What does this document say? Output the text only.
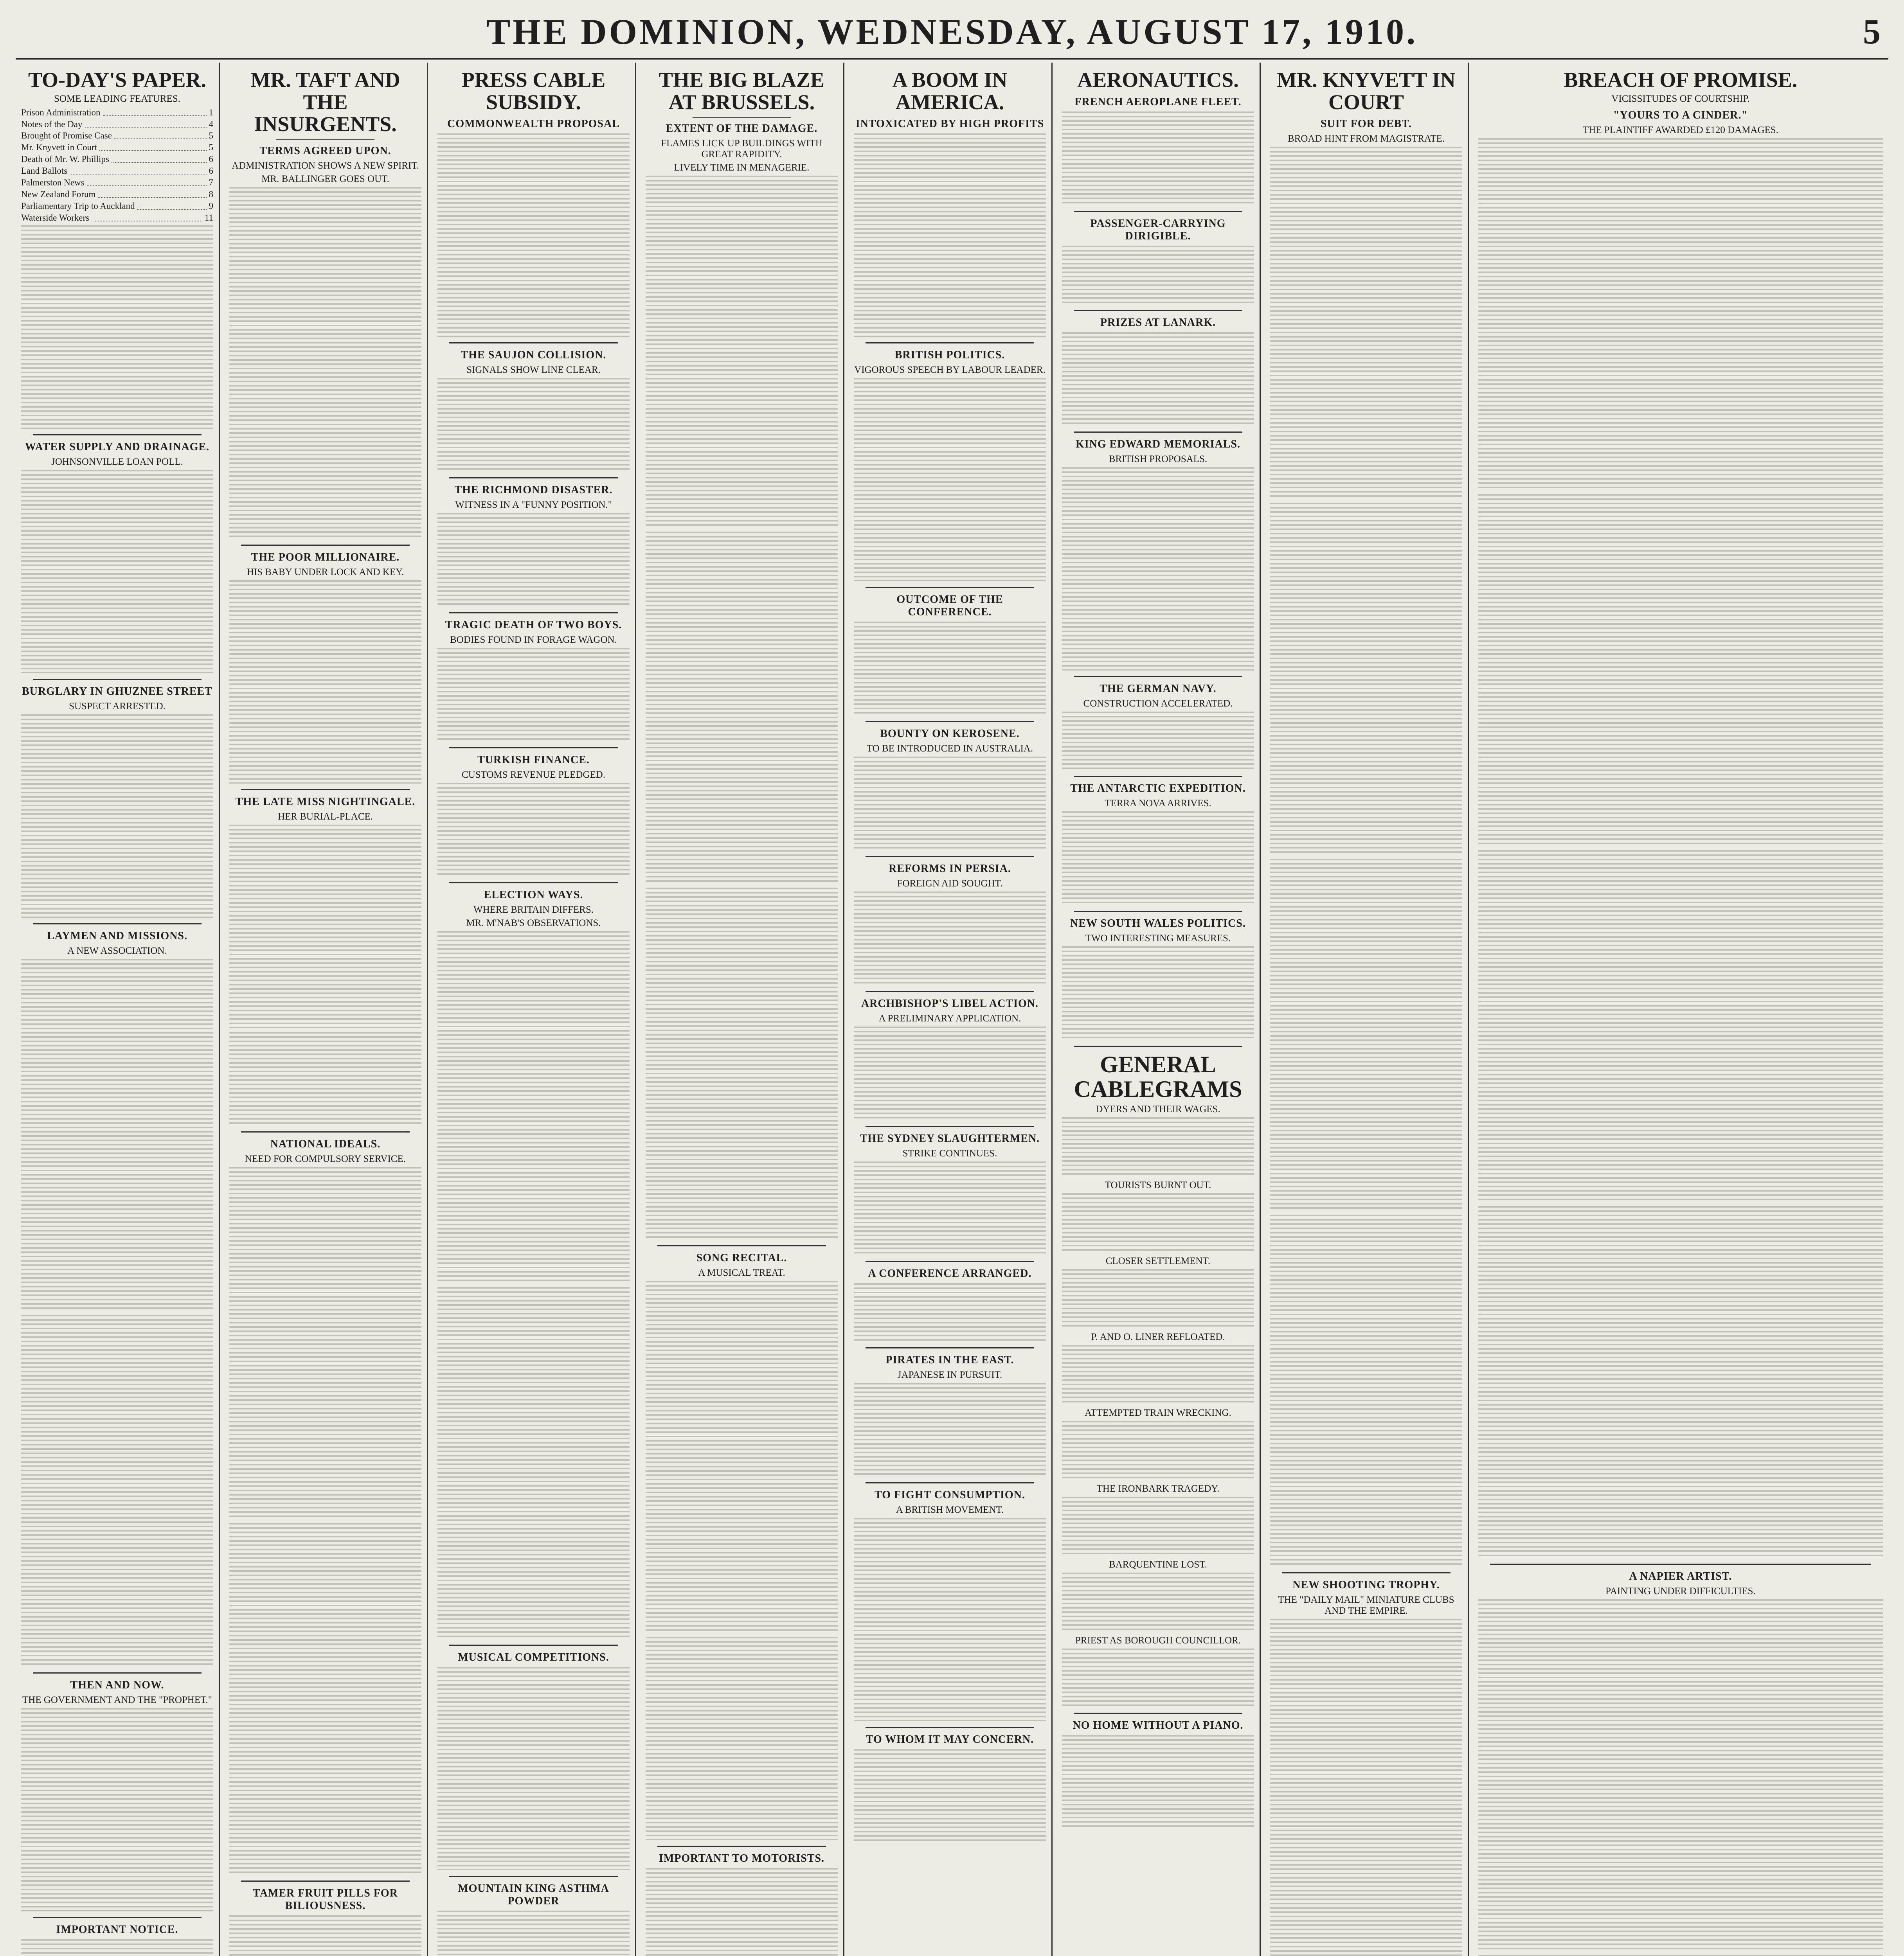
THE DOMINION, WEDNESDAY, AUGUST 17, 1910.	5
TO-DAY'S PAPER.
SOME LEADING FEATURES.
Prison Administration	1
Notes of the Day	4
Brought of Promise Case	5
Mr. Knyvett in Court	5
Death of Mr. W. Phillips	6
Land Ballots	6
Palmerston News	7
New Zealand Forum	8
Parliamentary Trip to Auckland	9
Waterside Workers	11
WATER SUPPLY AND DRAINAGE.
JOHNSONVILLE LOAN POLL.
BURGLARY IN GHUZNEE STREET
SUSPECT ARRESTED.
LAYMEN AND MISSIONS.
A NEW ASSOCIATION.
THEN AND NOW.
THE GOVERNMENT AND THE "PROPHET."
IMPORTANT NOTICE.
MR. TAFT AND THE INSURGENTS.
TERMS AGREED UPON.
ADMINISTRATION SHOWS A NEW SPIRIT.
MR. BALLINGER GOES OUT.
THE POOR MILLIONAIRE.
HIS BABY UNDER LOCK AND KEY.
THE LATE MISS NIGHTINGALE.
HER BURIAL-PLACE.
NATIONAL IDEALS.
NEED FOR COMPULSORY SERVICE.
TAMER FRUIT PILLS FOR BILIOUSNESS.
PRESS CABLE SUBSIDY.
COMMONWEALTH PROPOSAL
THE SAUJON COLLISION.
SIGNALS SHOW LINE CLEAR.
THE RICHMOND DISASTER.
WITNESS IN A "FUNNY POSITION."
TRAGIC DEATH OF TWO BOYS.
BODIES FOUND IN FORAGE WAGON.
TURKISH FINANCE.
CUSTOMS REVENUE PLEDGED.
ELECTION WAYS.
WHERE BRITAIN DIFFERS.
MR. M'NAB'S OBSERVATIONS.
MUSICAL COMPETITIONS.
MOUNTAIN KING ASTHMA POWDER
THE BIG BLAZE AT BRUSSELS.
EXTENT OF THE DAMAGE.
FLAMES LICK UP BUILDINGS WITH GREAT RAPIDITY.
LIVELY TIME IN MENAGERIE.
SONG RECITAL.
A MUSICAL TREAT.
IMPORTANT TO MOTORISTS.
A BOOM IN AMERICA.
INTOXICATED BY HIGH PROFITS
BRITISH POLITICS.
VIGOROUS SPEECH BY LABOUR LEADER.
OUTCOME OF THE CONFERENCE.
BOUNTY ON KEROSENE.
TO BE INTRODUCED IN AUSTRALIA.
REFORMS IN PERSIA.
FOREIGN AID SOUGHT.
ARCHBISHOP'S LIBEL ACTION.
A PRELIMINARY APPLICATION.
THE SYDNEY SLAUGHTERMEN.
STRIKE CONTINUES.
A CONFERENCE ARRANGED.
PIRATES IN THE EAST.
JAPANESE IN PURSUIT.
TO FIGHT CONSUMPTION.
A BRITISH MOVEMENT.
TO WHOM IT MAY CONCERN.
AERONAUTICS.
FRENCH AEROPLANE FLEET.
PASSENGER-CARRYING DIRIGIBLE.
PRIZES AT LANARK.
KING EDWARD MEMORIALS.
BRITISH PROPOSALS.
THE GERMAN NAVY.
CONSTRUCTION ACCELERATED.
THE ANTARCTIC EXPEDITION.
TERRA NOVA ARRIVES.
NEW SOUTH WALES POLITICS.
TWO INTERESTING MEASURES.
GENERAL CABLEGRAMS
DYERS AND THEIR WAGES.
TOURISTS BURNT OUT.
CLOSER SETTLEMENT.
P. AND O. LINER REFLOATED.
ATTEMPTED TRAIN WRECKING.
THE IRONBARK TRAGEDY.
BARQUENTINE LOST.
PRIEST AS BOROUGH COUNCILLOR.
NO HOME WITHOUT A PIANO.
MR. KNYVETT IN COURT
SUIT FOR DEBT.
BROAD HINT FROM MAGISTRATE.
NEW SHOOTING TROPHY.
THE "DAILY MAIL" MINIATURE CLUBS AND THE EMPIRE.
BREACH OF PROMISE.
VICISSITUDES OF COURTSHIP.
"YOURS TO A CINDER."
THE PLAINTIFF AWARDED £120 DAMAGES.
A NAPIER ARTIST.
PAINTING UNDER DIFFICULTIES.
